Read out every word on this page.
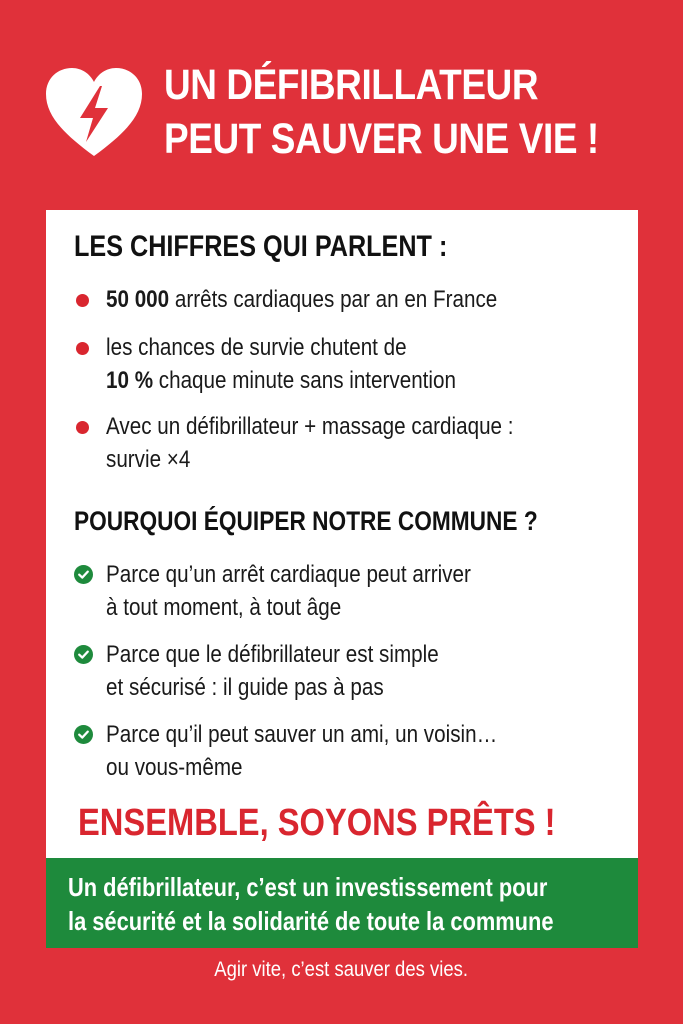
UN DÉFIBRILLATEUR
PEUT SAUVER UNE VIE !
LES CHIFFRES QUI PARLENT :
50 000 arrêts cardiaques par an en France
les chances de survie chutent de
10 % chaque minute sans intervention
Avec un défibrillateur + massage cardiaque :
survie ×4
POURQUOI ÉQUIPER NOTRE COMMUNE ?
Parce qu’un arrêt cardiaque peut arriver
à tout moment, à tout âge
Parce que le défibrillateur est simple
et sécurisé : il guide pas à pas
Parce qu’il peut sauver un ami, un voisin…
ou vous-même
ENSEMBLE, SOYONS PRÊTS !
Un défibrillateur, c’est un investissement pour
la sécurité et la solidarité de toute la commune
Agir vite, c’est sauver des vies.
